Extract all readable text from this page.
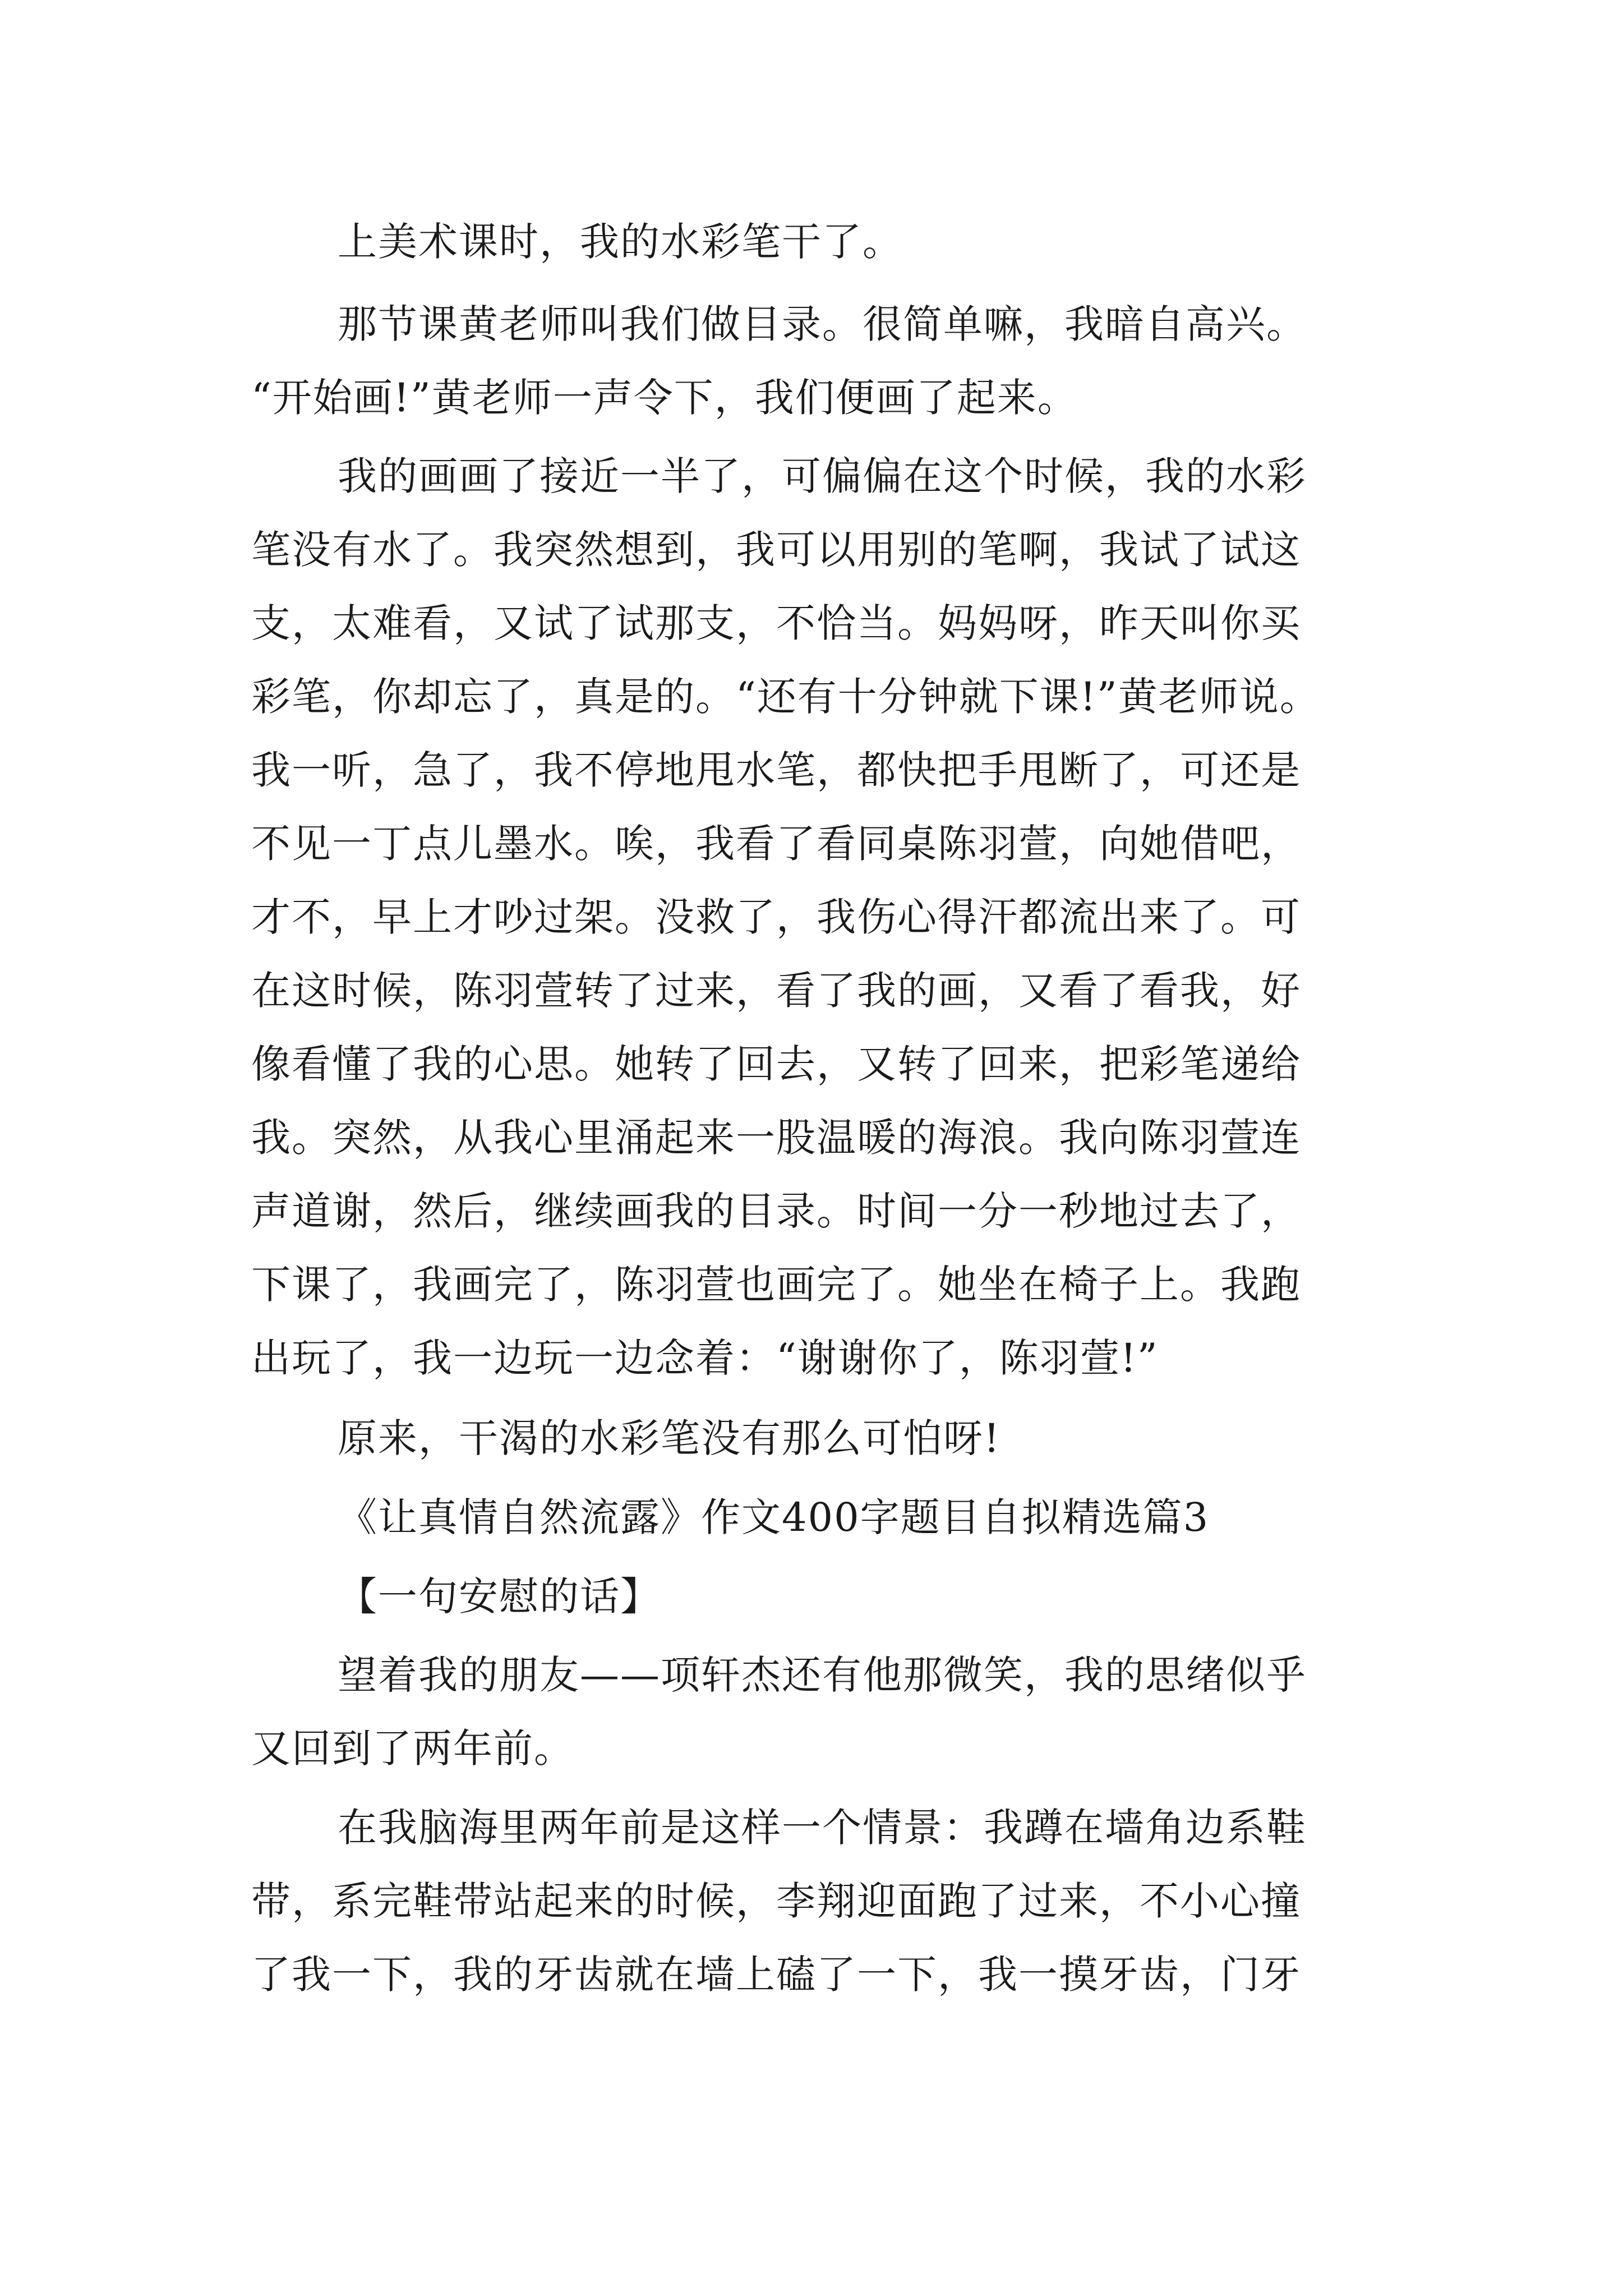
上美术课时，我的水彩笔干了。
那节课黄老师叫我们做目录。很简单嘛，我暗自高兴。
“开始画!”黄老师一声令下，我们便画了起来。
我的画画了接近一半了，可偏偏在这个时候，我的水彩
笔没有水了。我突然想到，我可以用别的笔啊，我试了试这
支，太难看，又试了试那支，不恰当。妈妈呀，昨天叫你买
彩笔，你却忘了，真是的。“还有十分钟就下课!”黄老师说。
我一听，急了，我不停地甩水笔，都快把手甩断了，可还是
不见一丁点儿墨水。唉，我看了看同桌陈羽萱，向她借吧，
才不，早上才吵过架。没救了，我伤心得汗都流出来了。可
在这时候，陈羽萱转了过来，看了我的画，又看了看我，好
像看懂了我的心思。她转了回去，又转了回来，把彩笔递给
我。突然，从我心里涌起来一股温暖的海浪。我向陈羽萱连
声道谢，然后，继续画我的目录。时间一分一秒地过去了，
下课了，我画完了，陈羽萱也画完了。她坐在椅子上。我跑
出玩了，我一边玩一边念着：“谢谢你了，陈羽萱!”
原来，干渴的水彩笔没有那么可怕呀!
《让真情自然流露》作文400字题目自拟精选篇3
【一句安慰的话】
望着我的朋友——项轩杰还有他那微笑，我的思绪似乎
又回到了两年前。
在我脑海里两年前是这样一个情景：我蹲在墙角边系鞋
带，系完鞋带站起来的时候，李翔迎面跑了过来，不小心撞
了我一下，我的牙齿就在墙上磕了一下，我一摸牙齿，门牙
